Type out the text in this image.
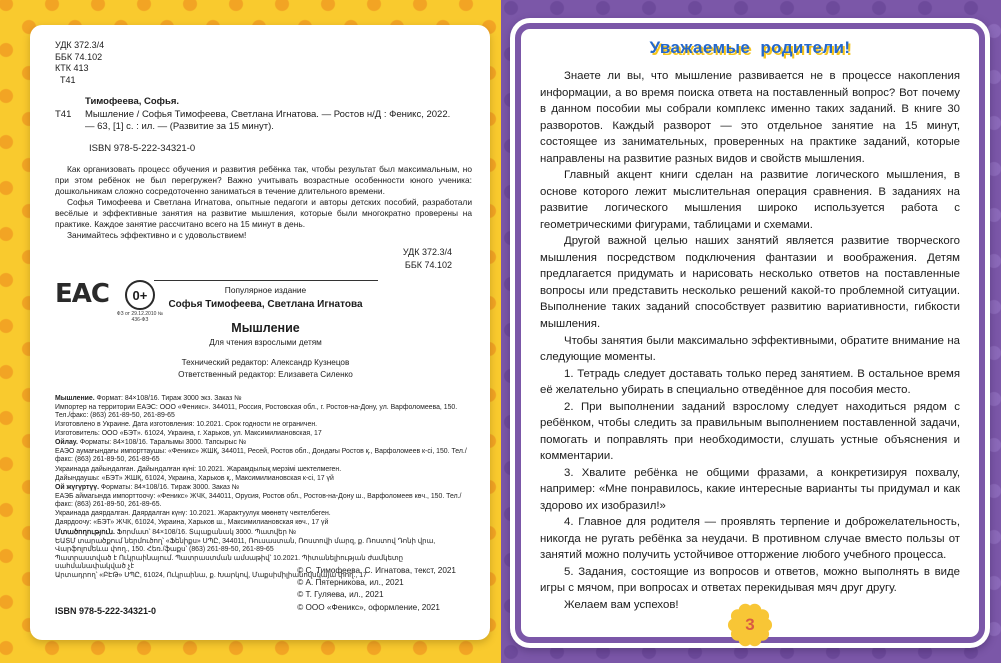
УДК 372.3/4
ББК 74.102
КТК 413
Т41
Тимофеева, Софья.
Т41	Мышление / Софья Тимофеева, Светлана Игнатова. — Ростов н/Д : Феникс, 2022. — 63, [1] с. : ил. — (Развитие за 15 минут).
ISBN 978-5-222-34321-0

Как организовать процесс обучения и развития ребёнка так, чтобы результат был максимальным, но при этом ребёнок не был перегружен? Важно учитывать возрастные особенности юного ученика: дошкольникам сложно сосредоточенно заниматься в течение длительного времени.

Софья Тимофеева и Светлана Игнатова, опытные педагоги и авторы детских пособий, разработали весёлые и эффективные занятия на развитие мышления, которые были многократно проверены на практике. Каждое занятие рассчитано всего на 15 минут в день.

Занимайтесь эффективно и с удовольствием!

УДК 372.3/4
ББК 74.102
Популярное издание
Софья Тимофеева, Светлана Игнатова
Мышление
Для чтения взрослыми детям
Технический редактор: Александр Кузнецов
Ответственный редактор: Елизавета Силенко
ЕАС	0+
ФЗ от 29.12.2010 № 436-ФЗ
Мышление. Формат: 84×108/16. Тираж 3000 экз. Заказ №
Импортер на территории ЕАЭС: ООО «Феникс». 344011, Россия, Ростовская обл., г. Ростов-на-Дону, ул. Варфоломеева, 150. Тел./факс: (863) 261-89-50, 261-89-65
Изготовлено в Украине. Дата изготовления: 10.2021. Срок годности не ограничен.
Изготовитель: ООО «БЭТ». 61024, Украина, г. Харьков, ул. Максимилиановская, 17
Ойлау. Форматы: 84×108/16. Таралымы 3000. Тапсырыс №
ЕАЭО аумағындағы импорттаушы: «Феникс» ЖШҚ, 344011, Ресей, Ростов обл., Дондағы Ростов қ., Варфоломеев к-сі, 150. Тел./факс: (863) 261-89-50, 261-89-65
Украинада дайындалған. Дайындалған күні: 10.2021. Жарамдылық мерзімі шектелмеген.
Дайындаушы: «БЭТ» ЖШҚ, 61024, Украина, Харьков қ., Максимилиановская к-сі, 17 үй
Ой жүгүртүү. Форматы: 84×108/16. Тираж 3000. Заказ №
ЕАЭБ аймагында импорттоочу: «Феникс» ЖЧК, 344011, Орусия, Ростов обл., Ростов-на-Дону ш., Варфоломеев көч., 150. Тел./факс: (863) 261-89-50, 261-89-65.
Украинада даярдалган. Даярдалган күнү: 10.2021. Жарактуулук мөөнөтү чектелбеген.
Даярдоочу: «БЭТ» ЖЧК, 61024, Украина, Харьков ш., Максимилиановская көч., 17 үй
Մտածողություն. Ֆորմատ՝ 84×108/16. Տպաքանակ 3000. Պատվեր №
ԵԱՏՄ տարածքում ներմուծող՝ «Ֆենիքս» ՍՊԸ, 344011, Ռուսաստան, Ռոստովի մարզ, ք. Ռոստով Դոնի վրա, Վարֆոլոմեևա փող., 150. Հեռ./ֆաքս՝ (863) 261-89-50, 261-89-65
Պատրաստված է Ուկրաինայում. Պատրաստման ամսաթիվ՝ 10.2021. Պիտանելիության ժամկետը սահմանափակված չէ
Արտադրող՝ «ԲԷԹ» ՍՊԸ, 61024, Ուկրաինա, ք. Խարկով, Մաքսիմիլիանովսկայա փող., 17
© С. Тимофеева, С. Игнатова, текст, 2021
© А. Пятерникова, ил., 2021
© Т. Гуляева, ил., 2021
© ООО «Феникс», оформление, 2021
ISBN 978-5-222-34321-0
Уважаемые родители!

Знаете ли вы, что мышление развивается не в процессе накопления информации, а во время поиска ответа на поставленный вопрос? Вот почему в данном пособии мы собрали комплекс именно таких заданий. В книге 30 разворотов. Каждый разворот — это отдельное занятие на 15 минут, состоящее из занимательных, проверенных на практике заданий, которые направлены на развитие разных видов и свойств мышления.

Главный акцент книги сделан на развитие логического мышления, в основе которого лежит мыслительная операция сравнения. В заданиях на развитие логического мышления широко используется работа с геометрическими фигурами, таблицами и схемами.

Другой важной целью наших занятий является развитие творческого мышления посредством подключения фантазии и воображения. Детям предлагается придумать и нарисовать несколько ответов на поставленные вопросы или представить несколько решений какой-то проблемной ситуации. Выполнение таких заданий способствует развитию вариативности, гибкости мышления.

Чтобы занятия были максимально эффективными, обратите внимание на следующие моменты.

1. Тетрадь следует доставать только перед занятием. В остальное время её желательно убирать в специально отведённое для пособия место.

2. При выполнении заданий взрослому следует находиться рядом с ребёнком, чтобы следить за правильным выполнением поставленной задачи, помогать и поправлять при необходимости, слушать устные объяснения и комментарии.

3. Хвалите ребёнка не общими фразами, а конкретизируя похвалу, например: «Мне понравилось, какие интересные варианты ты придумал и как здорово их изобразил!»

4. Главное для родителя — проявлять терпение и доброжелательность, никогда не ругать ребёнка за неудачи. В противном случае вместо пользы от занятий можно получить устойчивое отторжение любого учебного процесса.

5. Задания, состоящие из вопросов и ответов, можно выполнять в виде игры с мячом, при вопросах и ответах перекидывая мяч друг другу.

Желаем вам успехов!

3
